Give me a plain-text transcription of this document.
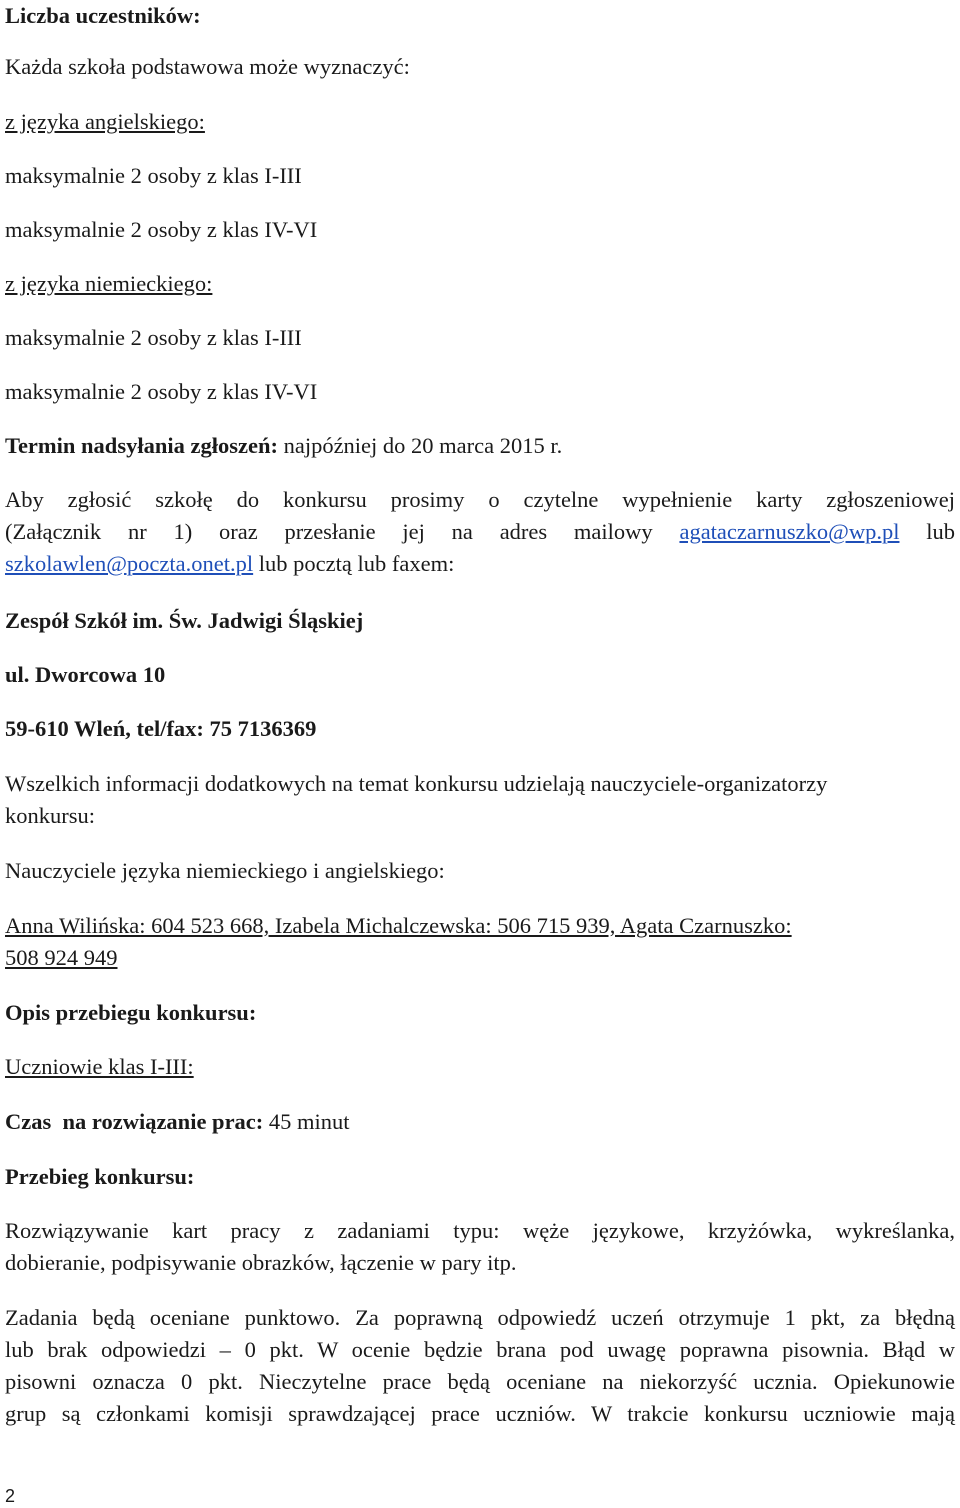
Liczba uczestników:
Każda szkoła podstawowa może wyznaczyć:
z języka angielskiego:
maksymalnie 2 osoby z klas I-III
maksymalnie 2 osoby z klas IV-VI
z języka niemieckiego:
maksymalnie 2 osoby z klas I-III
maksymalnie 2 osoby z klas IV-VI
Termin nadsyłania zgłoszeń: najpóźniej do 20 marca 2015 r.
Aby zgłosić szkołę do konkursu prosimy o czytelne wypełnienie karty zgłoszeniowej
(Załącznik nr 1) oraz przesłanie jej na adres mailowy agataczarnuszko@wp.pl lub
szkolawlen@poczta.onet.pl lub pocztą lub faxem:
Zespół Szkół im. Św. Jadwigi Śląskiej
ul. Dworcowa 10
59-610 Wleń, tel/fax: 75 7136369
Wszelkich informacji dodatkowych na temat konkursu udzielają nauczyciele-organizatorzy
konkursu:
Nauczyciele języka niemieckiego i angielskiego:
Anna Wilińska: 604 523 668, Izabela Michalczewska: 506 715 939, Agata Czarnuszko:
508 924 949
Opis przebiegu konkursu:
Uczniowie klas I-III:
Czas  na rozwiązanie prac: 45 minut
Przebieg konkursu:
Rozwiązywanie kart pracy z zadaniami typu: węże językowe, krzyżówka, wykreślanka,
dobieranie, podpisywanie obrazków, łączenie w pary itp.
Zadania będą oceniane punktowo. Za poprawną odpowiedź uczeń otrzymuje 1 pkt, za błędną
lub brak odpowiedzi – 0 pkt. W ocenie będzie brana pod uwagę poprawna pisownia. Błąd w
pisowni oznacza 0 pkt. Nieczytelne prace będą oceniane na niekorzyść ucznia. Opiekunowie
grup są członkami komisji sprawdzającej prace uczniów. W trakcie konkursu uczniowie mają
2
